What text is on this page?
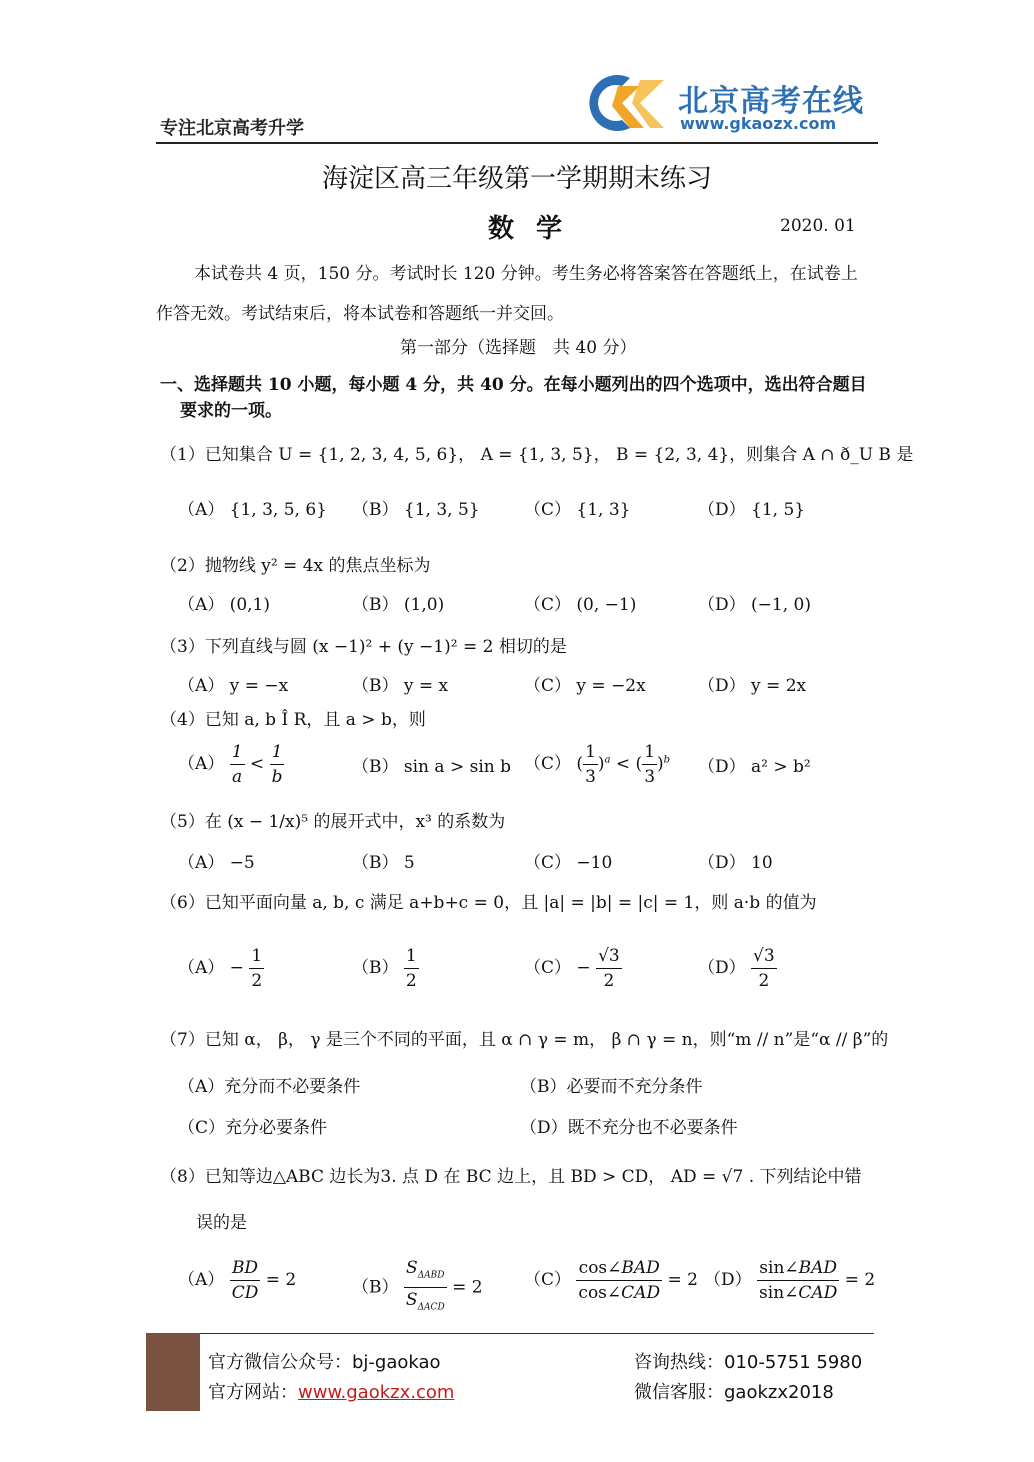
专注北京高考升学
北京高考在线
www.gkaozx.com
海淀区高三年级第一学期期末练习
数学	2020. 01
本试卷共 4 页，150 分。考试时长 120 分钟。考生务必将答案答在答题纸上，在试卷上
作答无效。考试结束后，将本试卷和答题纸一并交回。
第一部分（选择题　共 40 分）
一、选择题共 10 小题，每小题 4 分，共 40 分。在每小题列出的四个选项中，选出符合题目
要求的一项。
（1）已知集合 U = {1, 2, 3, 4, 5, 6}， A = {1, 3, 5}， B = {2, 3, 4}，则集合 A ∩ ð_U B 是
（A） {1, 3, 5, 6} （B） {1, 3, 5}	（C） {1, 3}	（D） {1, 5}
（2）抛物线 y² = 4x 的焦点坐标为
（A） (0,1)	（B） (1,0)	（C） (0, −1)	（D） (−1, 0)
（3）下列直线与圆 (x −1)² + (y −1)² = 2 相切的是
（A） y = −x	（B） y = x	（C） y = −2x	（D） y = 2x
（4）已知 a, b Î R，且 a > b，则
$(A) \frac{1}{a} < \frac{1}{b}$	（B） sin a > sin b （C） ( $\frac{1}{3} )^a$ < ( $\frac{1}{3} )^b$ （D） a² > b²
（5）在 (x − 1/x)⁵ 的展开式中，x³ 的系数为
（A） −5	（B） 5	（C） −10	（D） 10
（6）已知平面向量 a, b, c 满足 a+b+c = 0，且 |a| = |b| = |c| = 1，则 a·b 的值为
$(A) - \frac{1}{2}$	$(B) \frac{1}{2}$	$(C) - \frac{√3}{2}$	$(D) \frac{√3}{2}$
（7）已知 α， β， γ 是三个不同的平面，且 α ∩ γ = m， β ∩ γ = n，则“m // n”是“α // β”的
（A）充分而不必要条件	（B）必要而不充分条件
（C）充分必要条件	（D）既不充分也不必要条件
（8）已知等边△ABC 边长为3. 点 D 在 BC 边上，且 BD > CD， AD = √7 . 下列结论中错
误的是
$(A) \frac{BD}{CD} = 2$	$(B) \frac{S_{\Delta ABD}}{S_{\Delta ACD}} = 2$ $(C) \frac{\text{cos∠BAD}}{\text{cos∠CAD}} = 2$ $(D) \frac{\text{sin∠BAD}}{\text{sin∠CAD}} = 2$
官方微信公众号：bj-gaokao
官方网站：www.gaokzx.com
咨询热线：010-5751 5980
微信客服：gaokzx2018
